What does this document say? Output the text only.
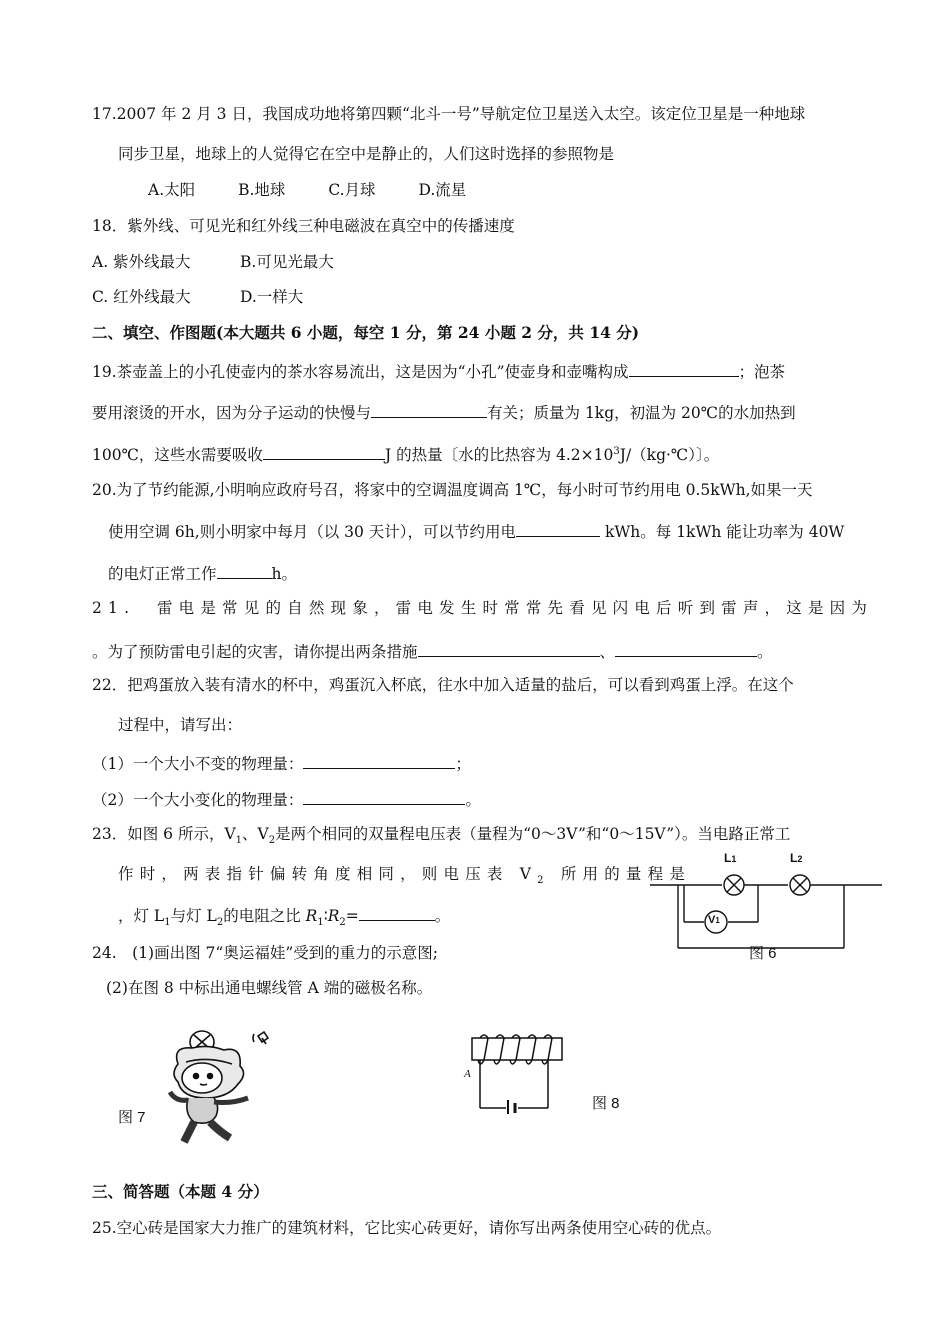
17.2007 年 2 月 3 日，我国成功地将第四颗“北斗一号”导航定位卫星送入太空。该定位卫星是一种地球
同步卫星，地球上的人觉得它在空中是静止的，人们这时选择的参照物是
A.太阳	B.地球	C.月球	D.流星
18．紫外线、可见光和红外线三种电磁波在真空中的传播速度
A. 紫外线最大	B.可见光最大
C. 红外线最大	D.一样大
二、填空、作图题(本大题共 6 小题，每空 1 分，第 24 小题 2 分，共 14 分)
19.茶壶盖上的小孔使壶内的茶水容易流出，这是因为“小孔”使壶身和壶嘴构成	；泡茶
要用滚烫的开水，因为分子运动的快慢与	有关；质量为 1kg，初温为 20℃的水加热到
100℃，这些水需要吸收	J 的热量〔水的比热容为 $4.2\times 10^3J/(kg\cdot℃)$〕。
20.为了节约能源,小明响应政府号召，将家中的空调温度调高 1℃，每小时可节约用电 0.5kWh,如果一天
使用空调 6h,则小明家中每月（以 30 天计），可以节约用电	kWh。每 1kWh 能让功率为 40W
的电灯正常工作	h。
21.　雷电是常见的自然现象，雷电发生时常常先看见闪电后听到雷声，这是因为
。为了预防雷电引起的灾害，请你提出两条措施	、	。
22．把鸡蛋放入装有清水的杯中，鸡蛋沉入杯底，往水中加入适量的盐后，可以看到鸡蛋上浮。在这个
过程中，请写出：
（1）一个大小不变的物理量：	；
（2）一个大小变化的物理量：	。
23．如图 6 所示，$V_1$、$V_2$是两个相同的双量程电压表（量程为“0～3V”和“0～15V”）。当电路正常工
作时，两表指针偏转角度相同，则电压表 $V_2$ 所用的量程是
，灯 $L_1$与灯 $L_2$的电阻之比 $R_1∶R_2=$	。
L1	L2
V1
图 6
24.　(1)画出图 7“奥运福娃”受到的重力的示意图;
(2)在图 8 中标出通电螺线管 A 端的磁极名称。
图 7
A
图 8
三、简答题（本题 4 分）
25.空心砖是国家大力推广的建筑材料，它比实心砖更好，请你写出两条使用空心砖的优点。
